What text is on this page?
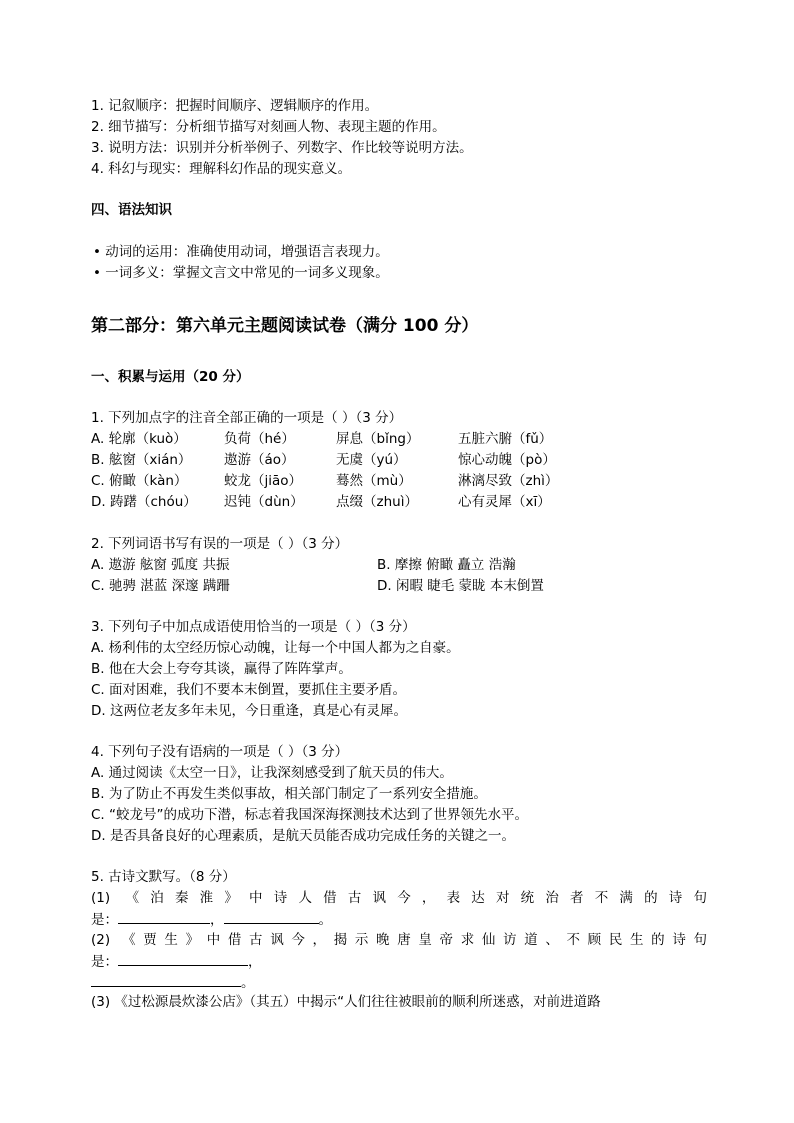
1. 记叙顺序：把握时间顺序、逻辑顺序的作用。
2. 细节描写：分析细节描写对刻画人物、表现主题的作用。
3. 说明方法：识别并分析举例子、列数字、作比较等说明方法。
4. 科幻与现实：理解科幻作品的现实意义。
四、语法知识
• 动词的运用：准确使用动词，增强语言表现力。
• 一词多义：掌握文言文中常见的一词多义现象。
第二部分：第六单元主题阅读试卷（满分 100 分）
一、积累与运用（20 分）
1. 下列加点字的注音全部正确的一项是（ ）（3 分）
A. 轮廓（kuò）	负荷（hé）	屏息（bǐng）	五脏六腑（fǔ）
B. 舷窗（xián） 遨游（áo）	无虞（yú）	惊心动魄（pò）
C. 俯瞰（kàn）	蛟龙（jiāo）	蓦然（mù）	淋漓尽致（zhì）
D. 踌躇（chóu） 迟钝（dùn） 点缀（zhuì）	心有灵犀（xī）
2. 下列词语书写有误的一项是（ ）（3 分）
A. 遨游 舷窗 弧度 共振	B. 摩擦 俯瞰 矗立 浩瀚
C. 驰骋 湛蓝 深邃 蹒跚	D. 闲暇 睫毛 蒙眬 本末倒置
3. 下列句子中加点成语使用恰当的一项是（ ）（3 分）
A. 杨利伟的太空经历惊心动魄，让每一个中国人都为之自豪。
B. 他在大会上夸夸其谈，赢得了阵阵掌声。
C. 面对困难，我们不要本末倒置，要抓住主要矛盾。
D. 这两位老友多年未见，今日重逢，真是心有灵犀。
4. 下列句子没有语病的一项是（ ）（3 分）
A. 通过阅读《太空一日》，让我深刻感受到了航天员的伟大。
B. 为了防止不再发生类似事故，相关部门制定了一系列安全措施。
C. “蛟龙号”的成功下潜，标志着我国深海探测技术达到了世界领先水平。
D. 是否具备良好的心理素质，是航天员能否成功完成任务的关键之一。
5. 古诗文默写。（8 分）
(1) 《泊秦淮》中诗人借古讽今，表达对统治者不满的诗句
是：	，	。
(2) 《贾生》中借古讽今，揭示晚唐皇帝求仙访道、不顾民生的诗句
是：	，
。
(3) 《过松源晨炊漆公店》（其五）中揭示“人们往往被眼前的顺利所迷惑，对前进道路
